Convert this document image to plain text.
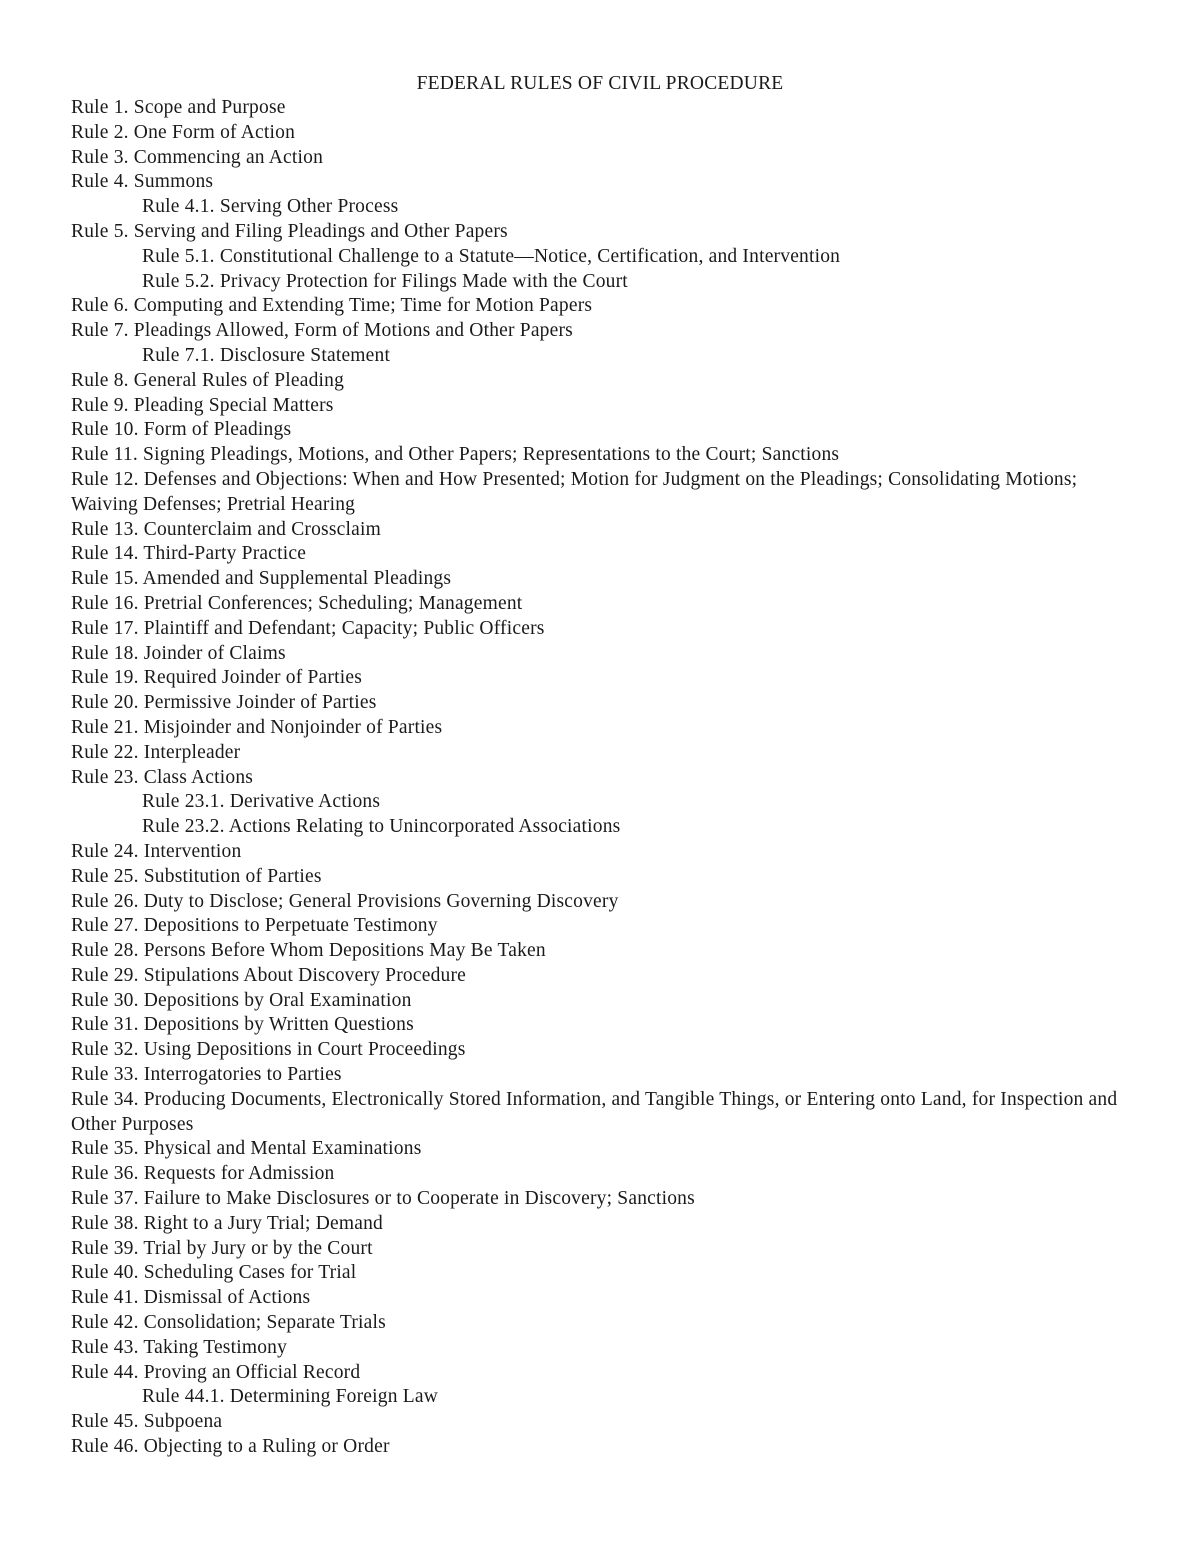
FEDERAL RULES OF CIVIL PROCEDURE
Rule 1. Scope and Purpose
Rule 2. One Form of Action
Rule 3. Commencing an Action
Rule 4. Summons
Rule 4.1. Serving Other Process
Rule 5. Serving and Filing Pleadings and Other Papers
Rule 5.1. Constitutional Challenge to a Statute—Notice, Certification, and Intervention
Rule 5.2. Privacy Protection for Filings Made with the Court
Rule 6. Computing and Extending Time; Time for Motion Papers
Rule 7. Pleadings Allowed, Form of Motions and Other Papers
Rule 7.1. Disclosure Statement
Rule 8. General Rules of Pleading
Rule 9. Pleading Special Matters
Rule 10. Form of Pleadings
Rule 11. Signing Pleadings, Motions, and Other Papers; Representations to the Court; Sanctions
Rule 12. Defenses and Objections: When and How Presented; Motion for Judgment on the Pleadings; Consolidating Motions; Waiving Defenses; Pretrial Hearing
Rule 13. Counterclaim and Crossclaim
Rule 14. Third-Party Practice
Rule 15. Amended and Supplemental Pleadings
Rule 16. Pretrial Conferences; Scheduling; Management
Rule 17. Plaintiff and Defendant; Capacity; Public Officers
Rule 18. Joinder of Claims
Rule 19. Required Joinder of Parties
Rule 20. Permissive Joinder of Parties
Rule 21. Misjoinder and Nonjoinder of Parties
Rule 22. Interpleader
Rule 23. Class Actions
Rule 23.1. Derivative Actions
Rule 23.2. Actions Relating to Unincorporated Associations
Rule 24. Intervention
Rule 25. Substitution of Parties
Rule 26. Duty to Disclose; General Provisions Governing Discovery
Rule 27. Depositions to Perpetuate Testimony
Rule 28. Persons Before Whom Depositions May Be Taken
Rule 29. Stipulations About Discovery Procedure
Rule 30. Depositions by Oral Examination
Rule 31. Depositions by Written Questions
Rule 32. Using Depositions in Court Proceedings
Rule 33. Interrogatories to Parties
Rule 34. Producing Documents, Electronically Stored Information, and Tangible Things, or Entering onto Land, for Inspection and Other Purposes
Rule 35. Physical and Mental Examinations
Rule 36. Requests for Admission
Rule 37. Failure to Make Disclosures or to Cooperate in Discovery; Sanctions
Rule 38. Right to a Jury Trial; Demand
Rule 39. Trial by Jury or by the Court
Rule 40. Scheduling Cases for Trial
Rule 41. Dismissal of Actions
Rule 42. Consolidation; Separate Trials
Rule 43. Taking Testimony
Rule 44. Proving an Official Record
Rule 44.1. Determining Foreign Law
Rule 45. Subpoena
Rule 46. Objecting to a Ruling or Order
